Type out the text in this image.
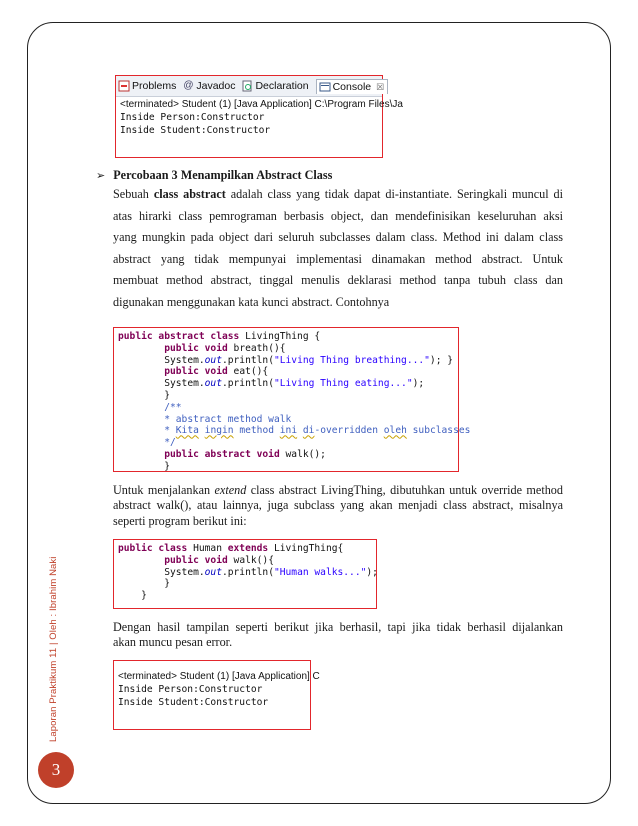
Laporan Praktikum 11 | Oleh : Ibrahim Naki
3
Problems @ Javadoc Declaration Console ☒
<terminated> Student (1) [Java Application] C:\Program Files\Ja
Inside Person:Constructor
Inside Student:Constructor
➢ Percobaan 3 Menampilkan Abstract Class
Sebuah class abstract adalah class yang tidak dapat di-instantiate. Seringkali muncul di
atas hirarki class pemrograman berbasis object, dan mendefinisikan keseluruhan aksi
yang mungkin pada object dari seluruh subclasses dalam class. Method ini dalam class
abstract yang tidak mempunyai implementasi dinamakan method abstract. Untuk
membuat method abstract, tinggal menulis deklarasi method tanpa tubuh class dan
digunakan menggunakan kata kunci abstract. Contohnya
public abstract class LivingThing {
public void breath(){
System.out.println("Living Thing breathing..."); }
public void eat(){
System.out.println("Living Thing eating...");
}
/**
* abstract method walk
* Kita ingin method ini di-overridden oleh subclasses
*/
public abstract void walk();
}
Untuk menjalankan extend class abstract LivingThing, dibutuhkan untuk override method
abstract walk(), atau lainnya, juga subclass yang akan menjadi class abstract, misalnya
seperti program berikut ini:
public class Human extends LivingThing{
public void walk(){
System.out.println("Human walks...");
}
}
Dengan hasil tampilan seperti berikut jika berhasil, tapi jika tidak berhasil dijalankan
akan muncu pesan error.
<terminated> Student (1) [Java Application] C
Inside Person:Constructor
Inside Student:Constructor
